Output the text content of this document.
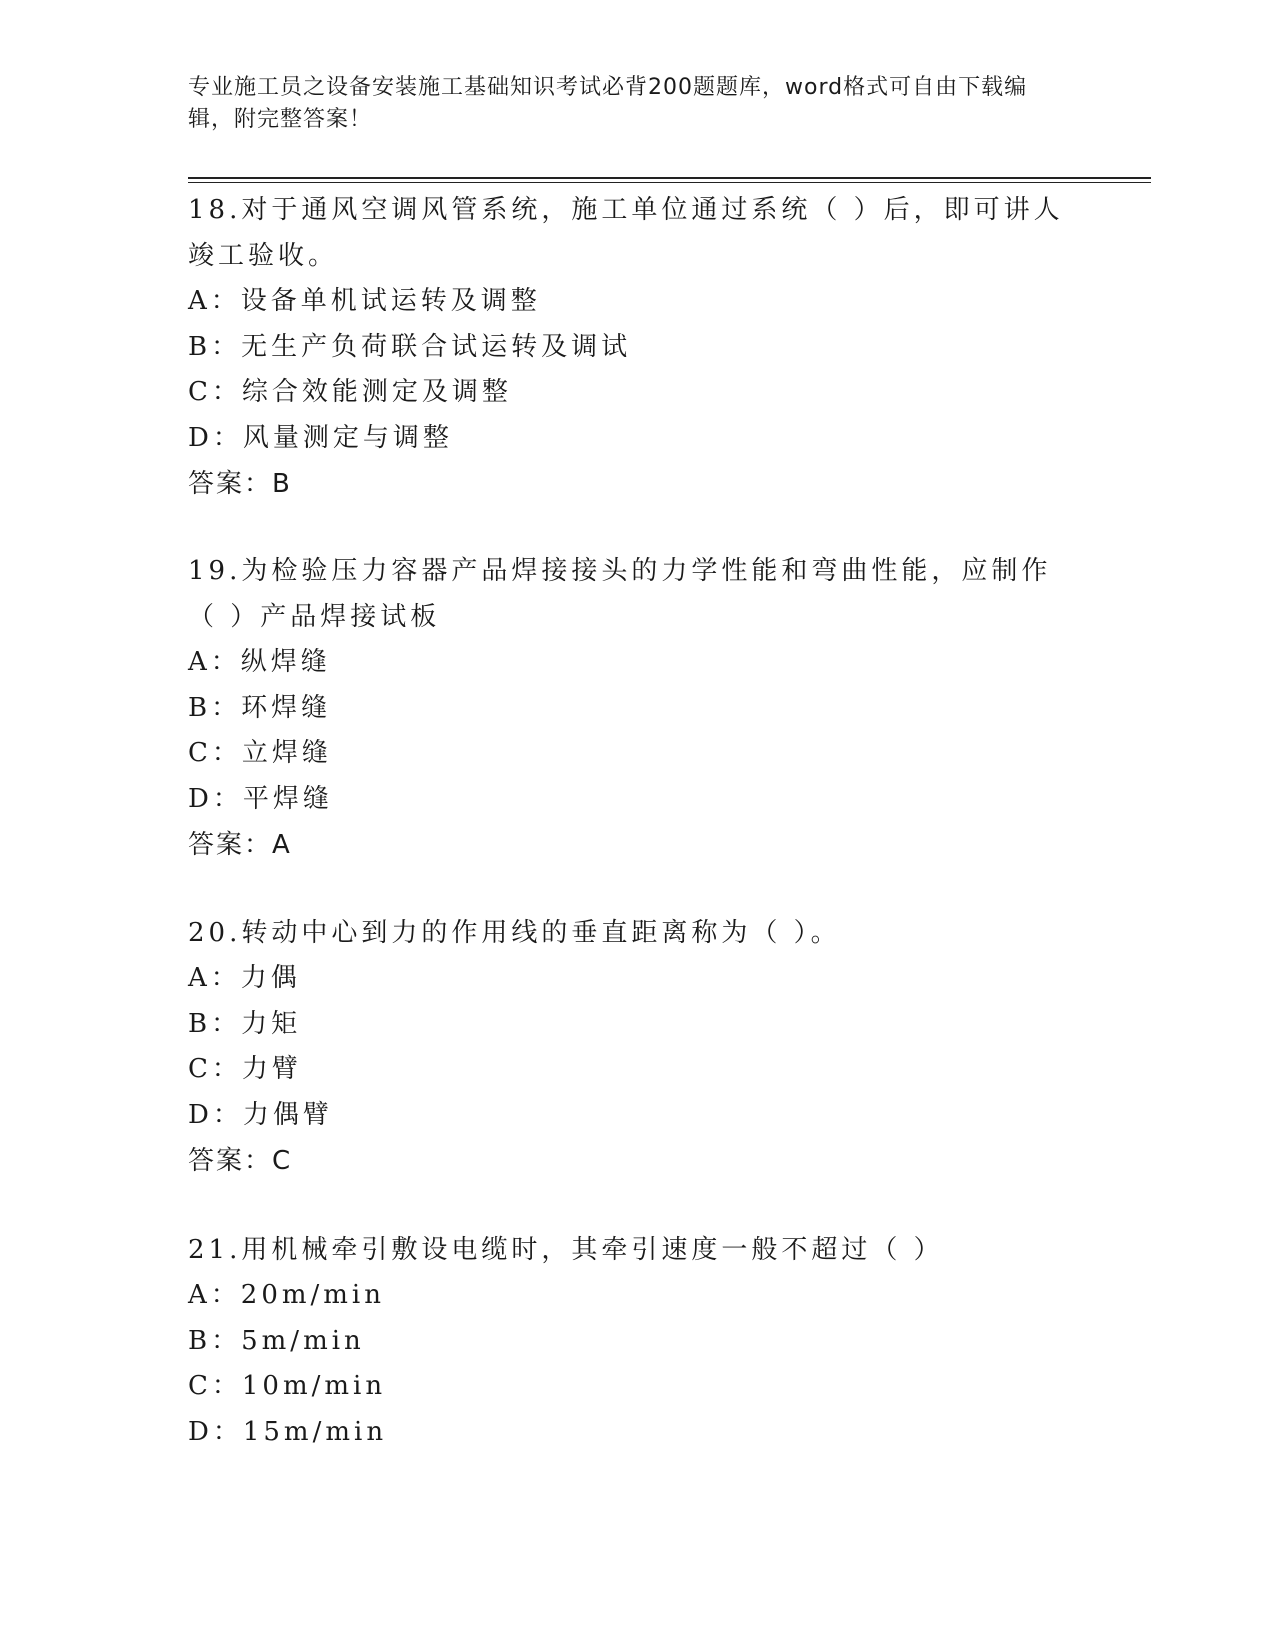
专业施工员之设备安装施工基础知识考试必背200题题库，word格式可自由下载编辑，附完整答案！

18.对于通风空调风管系统，施工单位通过系统（ ）后，即可讲人竣工验收。

A：设备单机试运转及调整

B：无生产负荷联合试运转及调试

C：综合效能测定及调整

D：风量测定与调整

答案：B

19.为检验压力容器产品焊接接头的力学性能和弯曲性能，应制作（ ）产品焊接试板

A：纵焊缝

B：环焊缝

C：立焊缝

D：平焊缝

答案：A

20.转动中心到力的作用线的垂直距离称为（ ）。

A：力偶

B：力矩

C：力臂

D：力偶臂

答案：C

21.用机械牵引敷设电缆时，其牵引速度一般不超过（ ）

A：20m/min

B：5m/min

C：10m/min

D：15m/min
